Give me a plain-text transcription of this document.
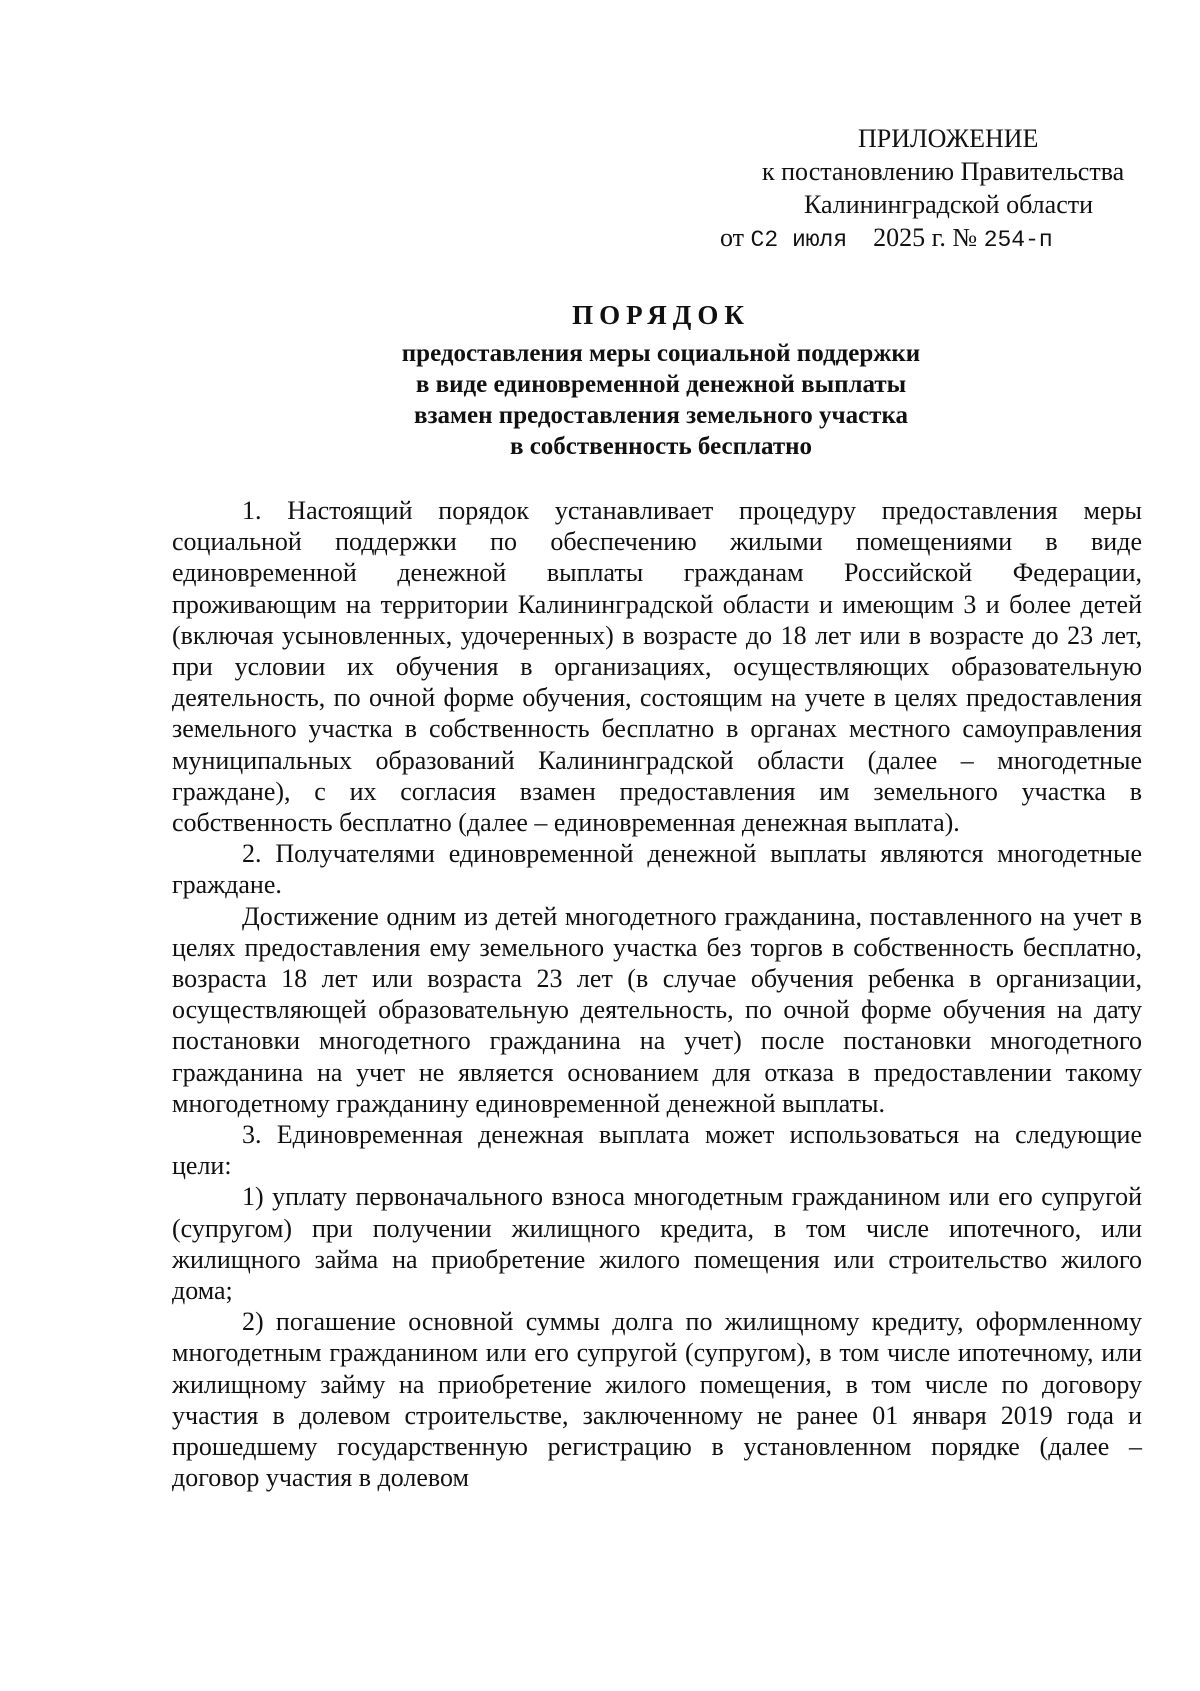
ПРИЛОЖЕНИЕ
к постановлению Правительства
Калининградской области
от С2 июля 2025 г. № 254-п
ПОРЯДОК
предоставления меры социальной поддержки
в виде единовременной денежной выплаты
взамен предоставления земельного участка
в собственность бесплатно

1. Настоящий порядок устанавливает процедуру предоставления меры социальной поддержки по обеспечению жилыми помещениями в виде единовременной денежной выплаты гражданам Российской Федерации, проживающим на территории Калининградской области и имеющим 3 и более детей (включая усыновленных, удочеренных) в возрасте до 18 лет или в возрасте до 23 лет, при условии их обучения в организациях, осуществляющих образовательную деятельность, по очной форме обучения, состоящим на учете в целях предоставления земельного участка в собственность бесплатно в органах местного самоуправления муниципальных образований Калининградской области (далее – многодетные граждане), с их согласия взамен предоставления им земельного участка в собственность бесплатно (далее – единовременная денежная выплата).

2. Получателями единовременной денежной выплаты являются многодетные граждане.

Достижение одним из детей многодетного гражданина, поставленного на учет в целях предоставления ему земельного участка без торгов в собственность бесплатно, возраста 18 лет или возраста 23 лет (в случае обучения ребенка в организации, осуществляющей образовательную деятельность, по очной форме обучения на дату постановки многодетного гражданина на учет) после постановки многодетного гражданина на учет не является основанием для отказа в предоставлении такому многодетному гражданину единовременной денежной выплаты.

3. Единовременная денежная выплата может использоваться на следующие цели:

1) уплату первоначального взноса многодетным гражданином или его супругой (супругом) при получении жилищного кредита, в том числе ипотечного, или жилищного займа на приобретение жилого помещения или строительство жилого дома;

2) погашение основной суммы долга по жилищному кредиту, оформленному многодетным гражданином или его супругой (супругом), в том числе ипотечному, или жилищному займу на приобретение жилого помещения, в том числе по договору участия в долевом строительстве, заключенному не ранее 01 января 2019 года и прошедшему государственную регистрацию в установленном порядке (далее – договор участия в долевом
